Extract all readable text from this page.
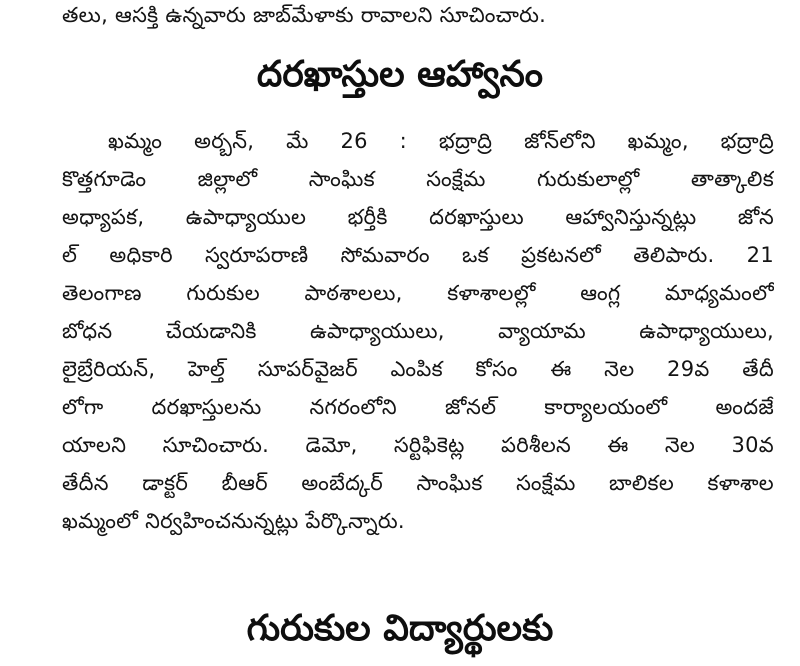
తలు, ఆసక్తి ఉన్నవారు జాబ్‌మేళాకు రావాలని సూచించారు.
దరఖాస్తుల ఆహ్వానం
ఖమ్మం అర్బన్, మే 26 : భద్రాద్రి జోన్‌లోని ఖమ్మం, భద్రాద్రి
కొత్తగూడెం జిల్లాలో సాంఘిక సంక్షేమ గురుకులాల్లో తాత్కాలిక
అధ్యాపక, ఉపాధ్యాయుల భర్తీకి దరఖాస్తులు ఆహ్వానిస్తున్నట్లు జోన
ల్ అధికారి స్వరూపరాణి సోమవారం ఒక ప్రకటనలో తెలిపారు. 21
తెలంగాణ గురుకుల పాఠశాలలు, కళాశాలల్లో ఆంగ్ల మాధ్యమంలో
బోధన చేయడానికి ఉపాధ్యాయులు, వ్యాయామ ఉపాధ్యాయులు,
లైబ్రేరియన్, హెల్త్ సూపర్‌వైజర్ ఎంపిక కోసం ఈ నెల 29వ తేదీ
లోగా దరఖాస్తులను నగరంలోని జోనల్ కార్యాలయంలో అందజే
యాలని సూచించారు. డెమో, సర్టిఫికెట్ల పరిశీలన ఈ నెల 30వ
తేదీన డాక్టర్ బీఆర్ అంబేద్కర్ సాంఘిక సంక్షేమ బాలికల కళాశాల
ఖమ్మంలో నిర్వహించనున్నట్లు పేర్కొన్నారు.
గురుకుల విద్యార్థులకు
